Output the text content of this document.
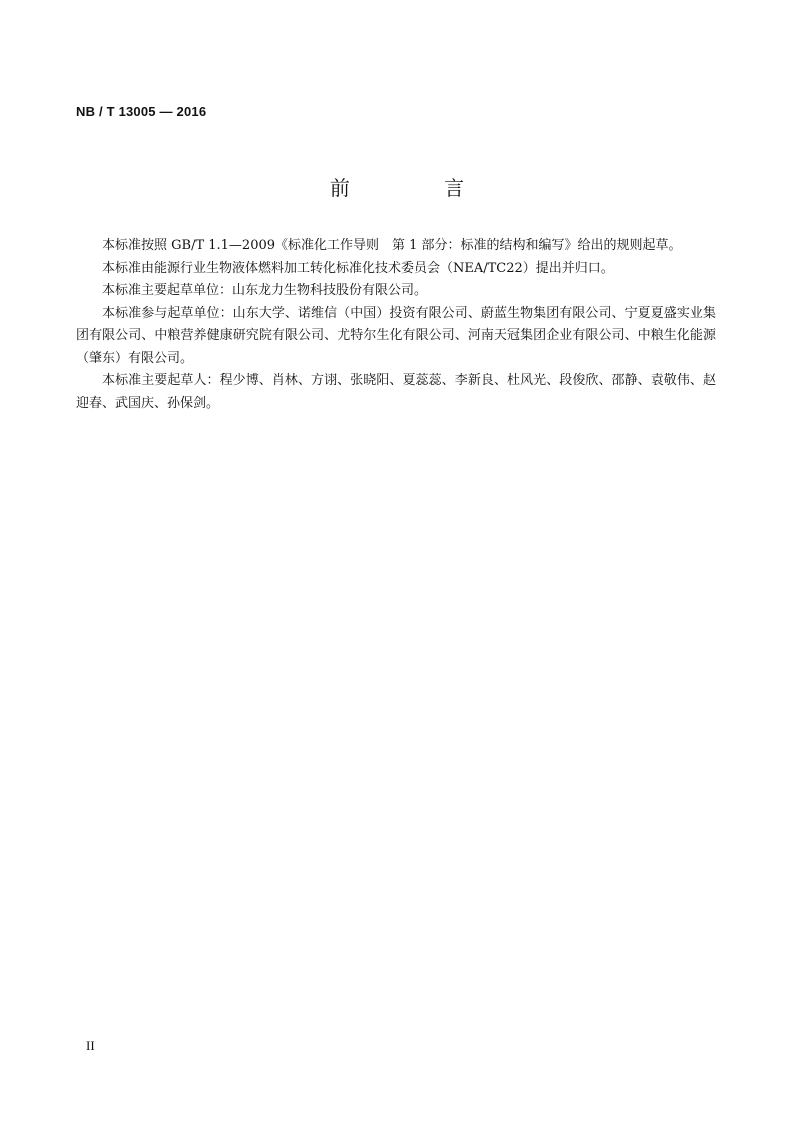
NB / T 13005 — 2016
前 言

本标准按照 GB/T 1.1—2009《标准化工作导则　第 1 部分：标准的结构和编写》给出的规则起草。

本标准由能源行业生物液体燃料加工转化标准化技术委员会（NEA/TC22）提出并归口。

本标准主要起草单位：山东龙力生物科技股份有限公司。

本标准参与起草单位：山东大学、诺维信（中国）投资有限公司、蔚蓝生物集团有限公司、宁夏夏盛实业集团有限公司、中粮营养健康研究院有限公司、尤特尔生化有限公司、河南天冠集团企业有限公司、中粮生化能源（肇东）有限公司。

本标准主要起草人：程少博、肖林、方诩、张晓阳、夏蕊蕊、李新良、杜风光、段俊欣、邵静、袁敬伟、赵迎春、武国庆、孙保剑。

II
